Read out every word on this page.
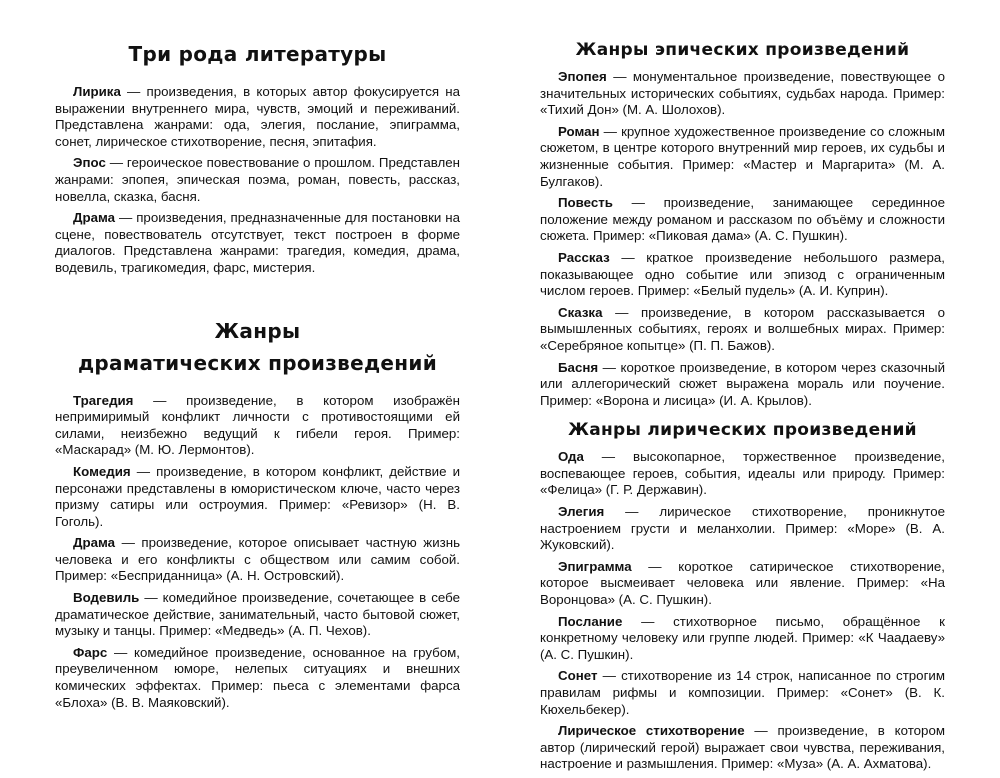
Три рода литературы

Лирика — произведения, в которых автор фокусируется на выражении внутреннего мира, чувств, эмоций и переживаний. Представлена жанрами: ода, элегия, послание, эпиграмма, сонет, лирическое стихотворение, песня, эпитафия.

Эпос — героическое повествование о прошлом. Представлен жанрами: эпопея, эпическая поэма, роман, повесть, рассказ, новелла, сказка, басня.

Драма — произведения, предназначенные для постановки на сцене, повествователь отсутствует, текст построен в форме диалогов. Представлена жанрами: трагедия, комедия, драма, водевиль, трагикомедия, фарс, мистерия.

Жанры
драматических произведений

Трагедия — произведение, в котором изображён непримиримый конфликт личности с противостоящими ей силами, неизбежно ведущий к гибели героя. Пример: «Маскарад» (М. Ю. Лермонтов).

Комедия — произведение, в котором конфликт, действие и персонажи представлены в юмористическом ключе, часто через призму сатиры или остроумия. Пример: «Ревизор» (Н. В. Гоголь).

Драма — произведение, которое описывает частную жизнь человека и его конфликты с обществом или самим собой. Пример: «Бесприданница» (А. Н. Островский).

Водевиль — комедийное произведение, сочетающее в себе драматическое действие, занимательный, часто бытовой сюжет, музыку и танцы. Пример: «Медведь» (А. П. Чехов).

Фарс — комедийное произведение, основанное на грубом, преувеличенном юморе, нелепых ситуациях и внешних комических эффектах. Пример: пьеса с элементами фарса «Блоха» (В. В. Маяковский).

Жанры эпических произведений

Эпопея — монументальное произведение, повествующее о значительных исторических событиях, судьбах народа. Пример: «Тихий Дон» (М. А. Шолохов).

Роман — крупное художественное произведение со сложным сюжетом, в центре которого внутренний мир героев, их судьбы и жизненные события. Пример: «Мастер и Маргарита» (М. А. Булгаков).

Повесть — произведение, занимающее серединное положение между романом и рассказом по объёму и сложности сюжета. Пример: «Пиковая дама» (А. С. Пушкин).

Рассказ — краткое произведение небольшого размера, показывающее одно событие или эпизод с ограниченным числом героев. Пример: «Белый пудель» (А. И. Куприн).

Сказка — произведение, в котором рассказывается о вымышленных событиях, героях и волшебных мирах. Пример: «Серебряное копытце» (П. П. Бажов).

Басня — короткое произведение, в котором через сказочный или аллегорический сюжет выражена мораль или поучение. Пример: «Ворона и лисица» (И. А. Крылов).

Жанры лирических произведений

Ода — высокопарное, торжественное произведение, воспевающее героев, события, идеалы или природу. Пример: «Фелица» (Г. Р. Державин).

Элегия — лирическое стихотворение, проникнутое настроением грусти и меланхолии. Пример: «Море» (В. А. Жуковский).

Эпиграмма — короткое сатирическое стихотворение, которое высмеивает человека или явление. Пример: «На Воронцова» (А. С. Пушкин).

Послание — стихотворное письмо, обращённое к конкретному человеку или группе людей. Пример: «К Чаадаеву» (А. С. Пушкин).

Сонет — стихотворение из 14 строк, написанное по строгим правилам рифмы и композиции. Пример: «Сонет» (В. К. Кюхельбекер).

Лирическое стихотворение — произведение, в котором автор (лирический герой) выражает свои чувства, переживания, настроение и размышления. Пример: «Муза» (А. А. Ахматова).
